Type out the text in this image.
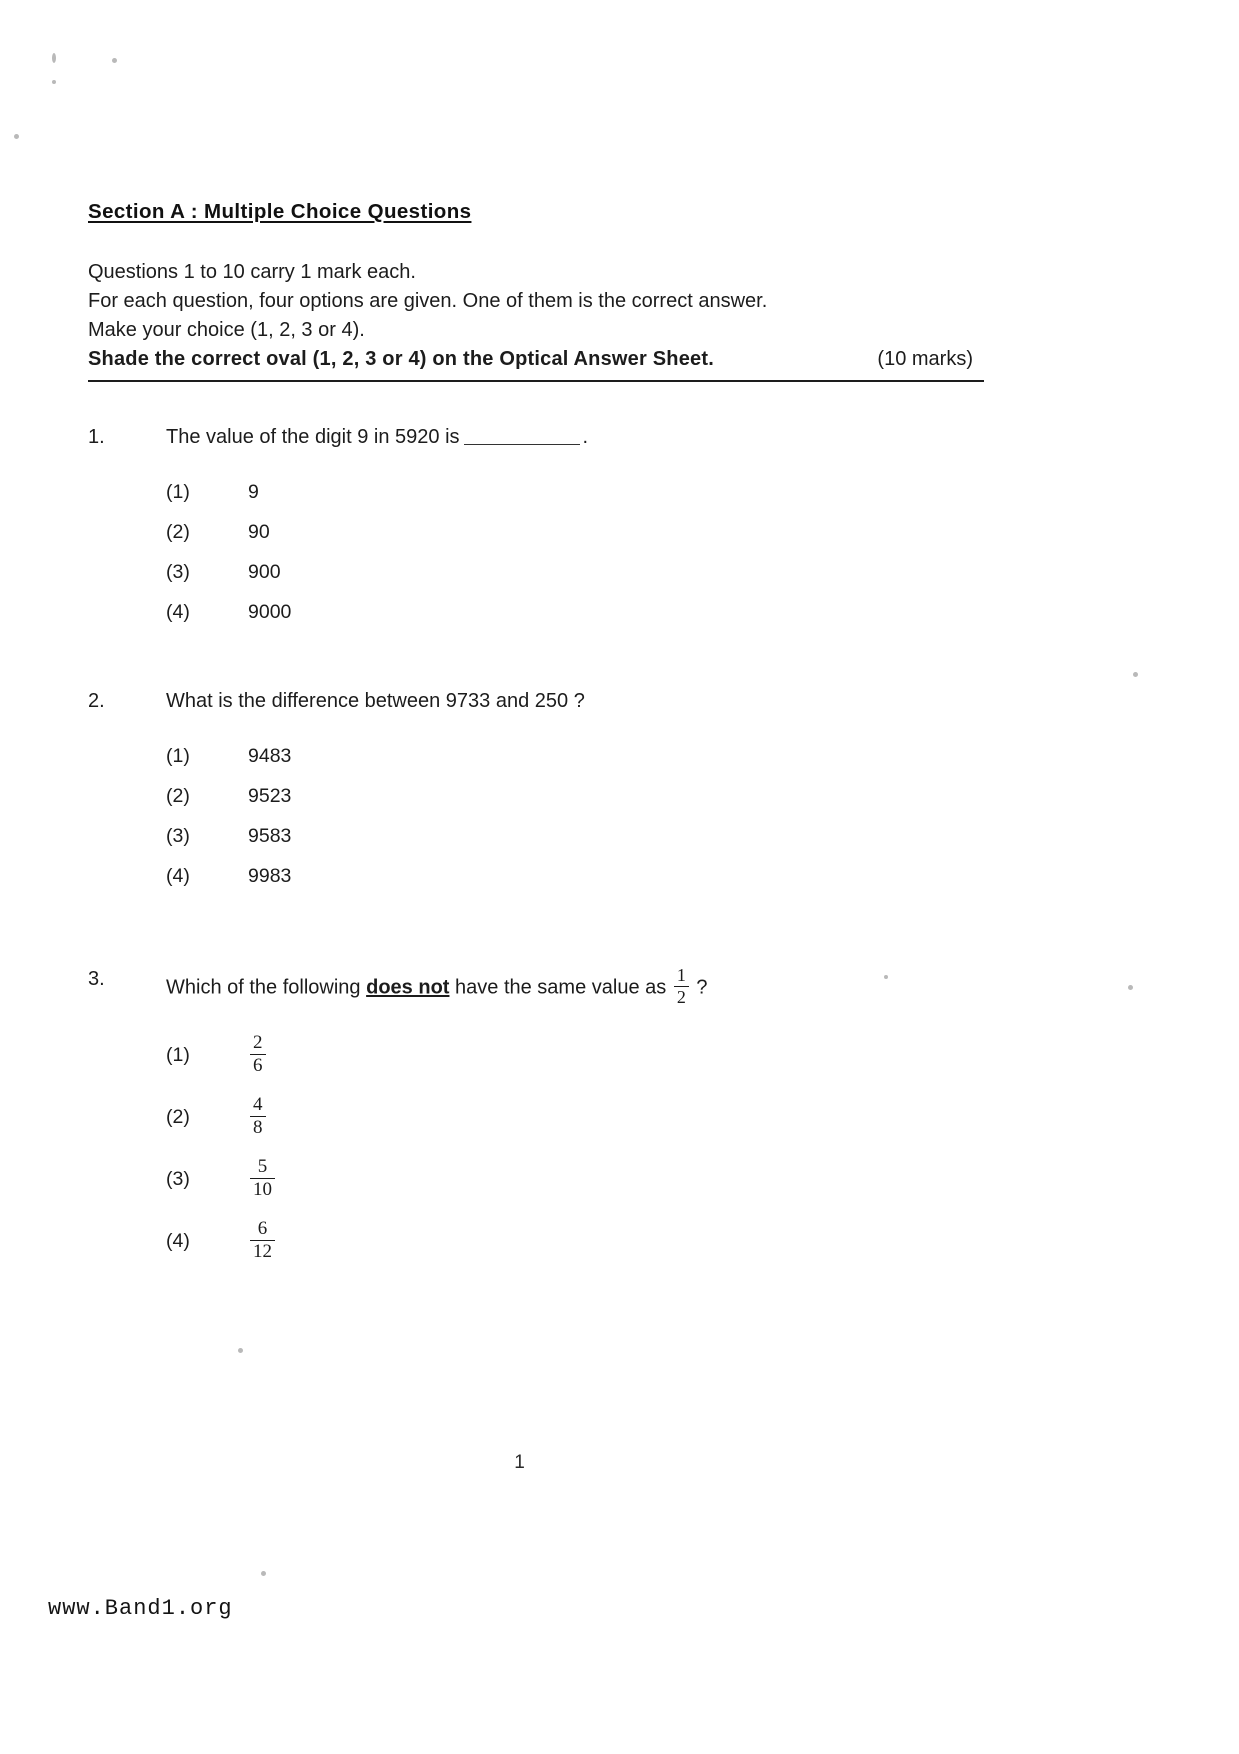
Section A : Multiple Choice Questions
Questions 1 to 10 carry 1 mark each.
For each question, four options are given. One of them is the correct answer.
Make your choice (1, 2, 3 or 4).
Shade the correct oval (1, 2, 3 or 4) on the Optical Answer Sheet.	(10 marks)
1.	The value of the digit 9 in 5920 is	.
(1)	9
(2)	90
(3)	900
(4)	9000
2.	What is the difference between 9733 and 250 ?
(1)	9483
(2)	9523
(3)	9583
(4)	9983
3.	Which of the following does not have the same value as $\frac{1}{2}$ ?
(1)	$\frac{2}{6}$
(2)	$\frac{4}{8}$
(3)	$\frac{5}{10}$
(4)	$\frac{6}{12}$
1
www.Band1.org
